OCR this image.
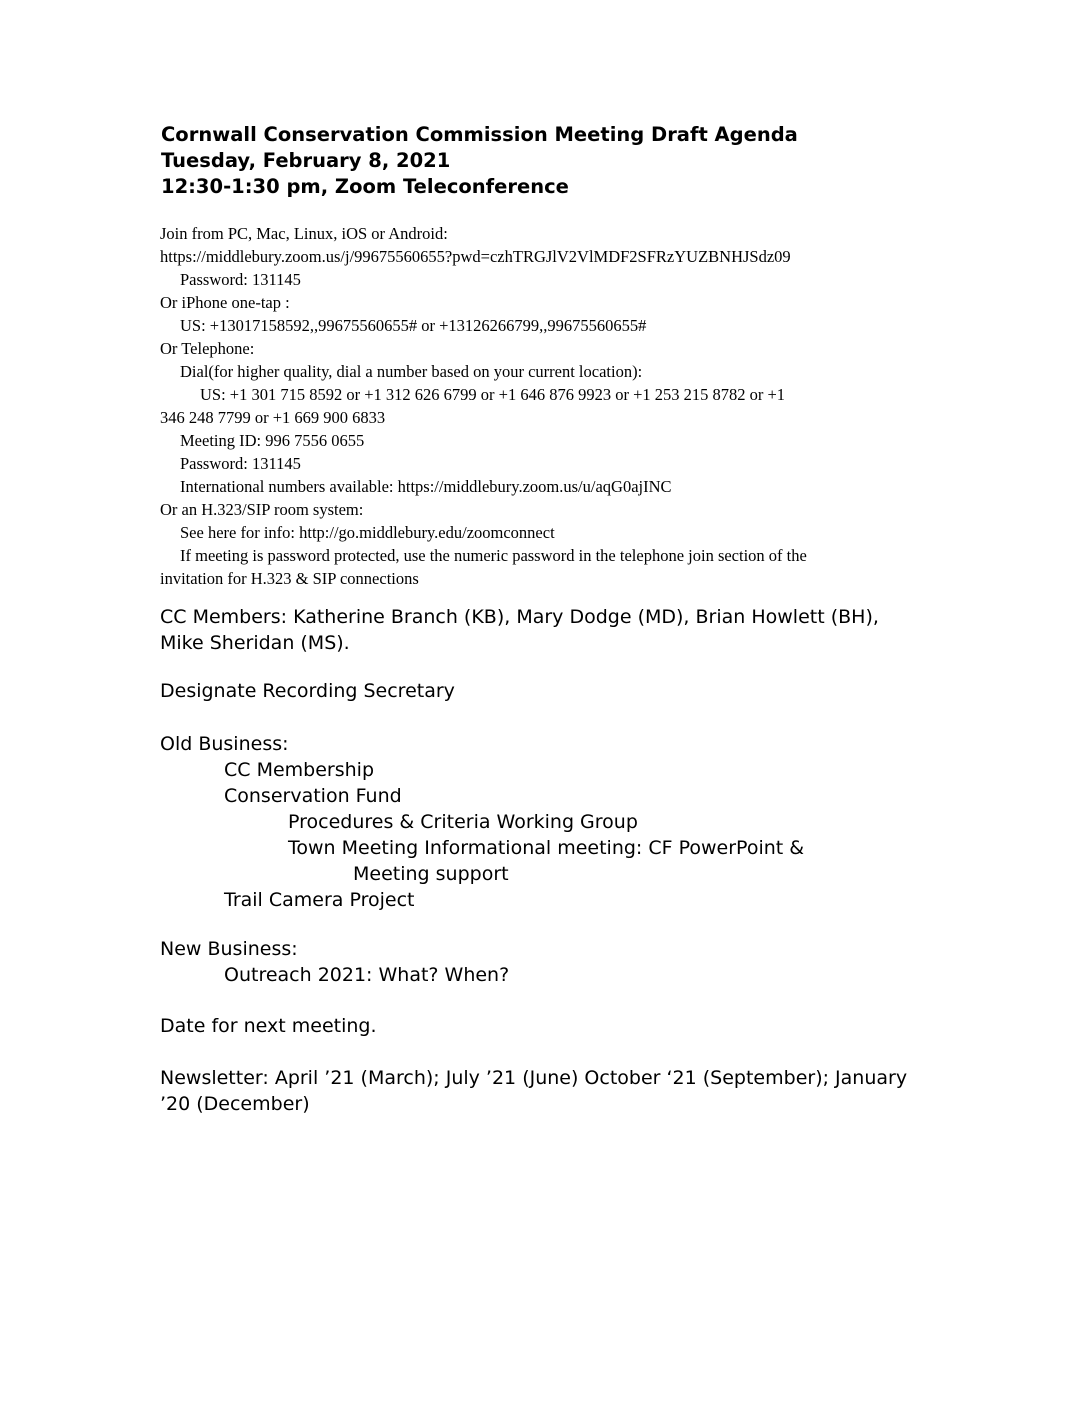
Cornwall Conservation Commission Meeting Draft Agenda
Tuesday, February 8, 2021
12:30-1:30 pm, Zoom Teleconference
Join from PC, Mac, Linux, iOS or Android:
https://middlebury.zoom.us/j/99675560655?pwd=czhTRGJlV2VlMDF2SFRzYUZBNHJSdz09
Password: 131145
Or iPhone one-tap :
US: +13017158592,,99675560655# or +13126266799,,99675560655#
Or Telephone:
Dial(for higher quality, dial a number based on your current location):
US: +1 301 715 8592 or +1 312 626 6799 or +1 646 876 9923 or +1 253 215 8782 or +1
346 248 7799 or +1 669 900 6833
Meeting ID: 996 7556 0655
Password: 131145
International numbers available: https://middlebury.zoom.us/u/aqG0ajINC
Or an H.323/SIP room system:
See here for info: http://go.middlebury.edu/zoomconnect
If meeting is password protected, use the numeric password in the telephone join section of the
invitation for H.323 & SIP connections
CC Members: Katherine Branch (KB), Mary Dodge (MD), Brian Howlett (BH),
Mike Sheridan (MS).
Designate Recording Secretary
Old Business:
CC Membership
Conservation Fund
Procedures & Criteria Working Group
Town Meeting Informational meeting: CF PowerPoint &
Meeting support
Trail Camera Project
New Business:
Outreach 2021: What? When?
Date for next meeting.
Newsletter: April ’21 (March); July ’21 (June) October ‘21 (September); January
’20 (December)
